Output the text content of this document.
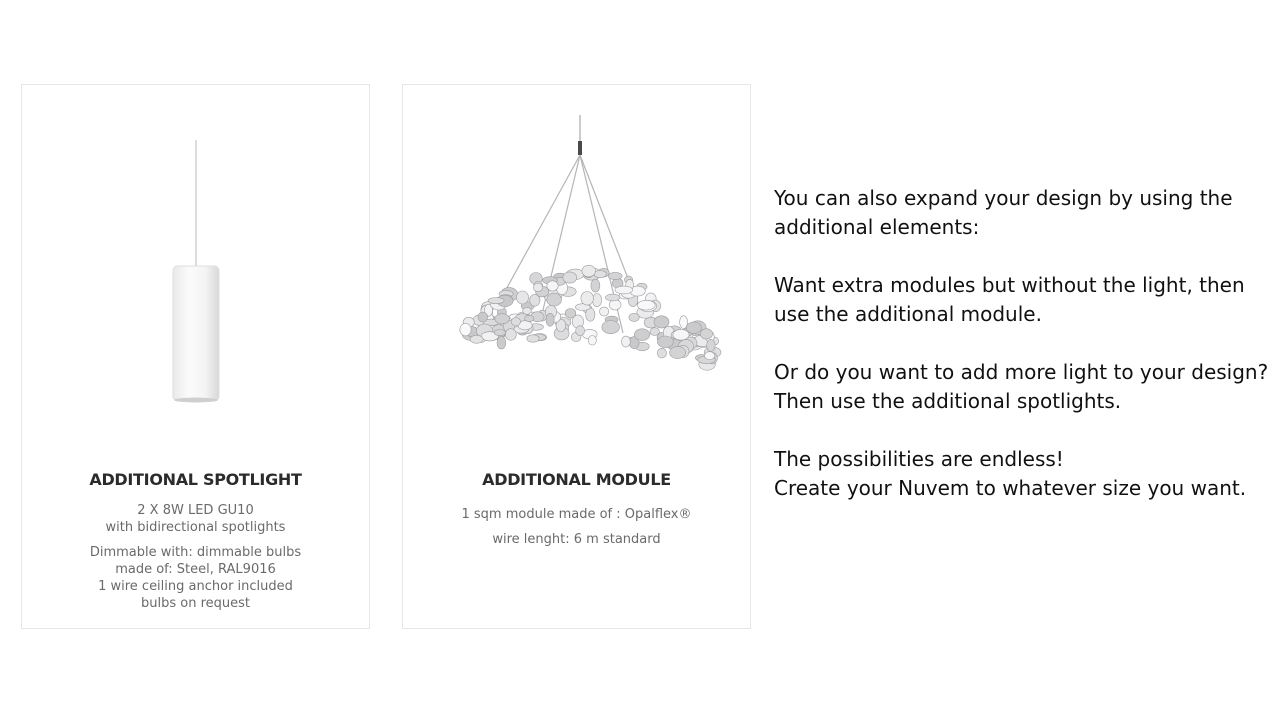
ADDITIONAL SPOTLIGHT
2 X 8W LED GU10
with bidirectional spotlights
Dimmable with: dimmable bulbs
made of: Steel, RAL9016
1 wire ceiling anchor included
bulbs on request
ADDITIONAL MODULE
1 sqm module made of : Opalflex®
wire lenght: 6 m standard
You can also expand your design by using the
additional elements:
Want extra modules but without the light, then
use the additional module.
Or do you want to add more light to your design?
Then use the additional spotlights.
The possibilities are endless!
Create your Nuvem to whatever size you want.
